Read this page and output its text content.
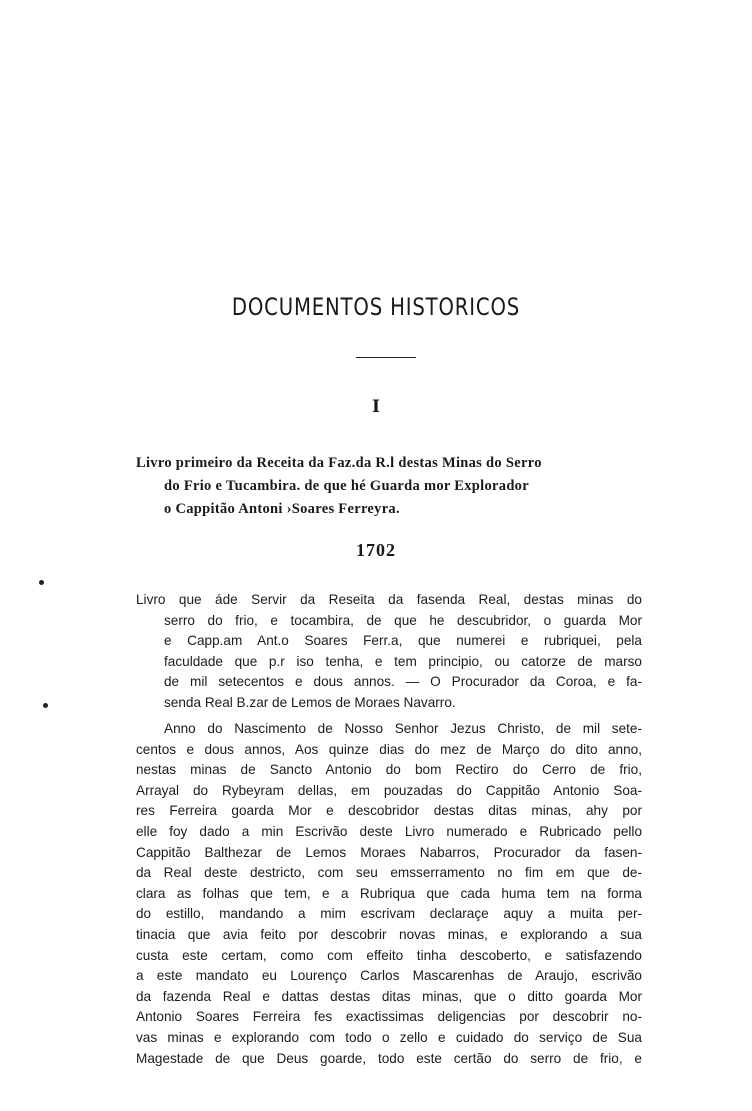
DOCUMENTOS HISTORICOS
I
Livro primeiro da Receita da Faz.da R.l destas Minas do Serro
do Frio e Tucambira. de que hé Guarda mor Explorador
o Cappitão Antoni ›Soares Ferreyra.
1702
Livro que áde Servir da Reseita da fasenda Real, destas minas do
serro do frio, e tocambira, de que he descubridor, o guarda Mor
e Capp.am Ant.o Soares Ferr.a, que numerei e rubriquei, pela
faculdade que p.r iso tenha, e tem principio, ou catorze de marso
de mil setecentos e dous annos. — O Procurador da Coroa, e fa-
senda Real B.zar de Lemos de Moraes Navarro.
Anno do Nascimento de Nosso Senhor Jezus Christo, de mil sete-
centos e dous annos, Aos quinze dias do mez de Março do dito anno,
nestas minas de Sancto Antonio do bom Rectiro do Cerro de frio,
Arrayal do Rybeyram dellas, em pouzadas do Cappitão Antonio Soa-
res Ferreira goarda Mor e descobridor destas ditas minas, ahy por
elle foy dado a min Escrivão deste Livro numerado e Rubricado pello
Cappitão Balthezar de Lemos Moraes Nabarros, Procurador da fasen-
da Real deste destricto, com seu emsserramento no fim em que de-
clara as folhas que tem, e a Rubriqua que cada huma tem na forma
do estillo, mandando a mim escrivam declaraçe aquy a muita per-
tinacia que avia feito por descobrir novas minas, e explorando a sua
custa este certam, como com effeito tinha descoberto, e satisfazendo
a este mandato eu Lourenço Carlos Mascarenhas de Araujo, escrivão
da fazenda Real e dattas destas ditas minas, que o ditto goarda Mor
Antonio Soares Ferreira fes exactissimas deligencias por descobrir no-
vas minas e explorando com todo o zello e cuidado do serviço de Sua
Magestade de que Deus goarde, todo este certão do serro de frio, e
